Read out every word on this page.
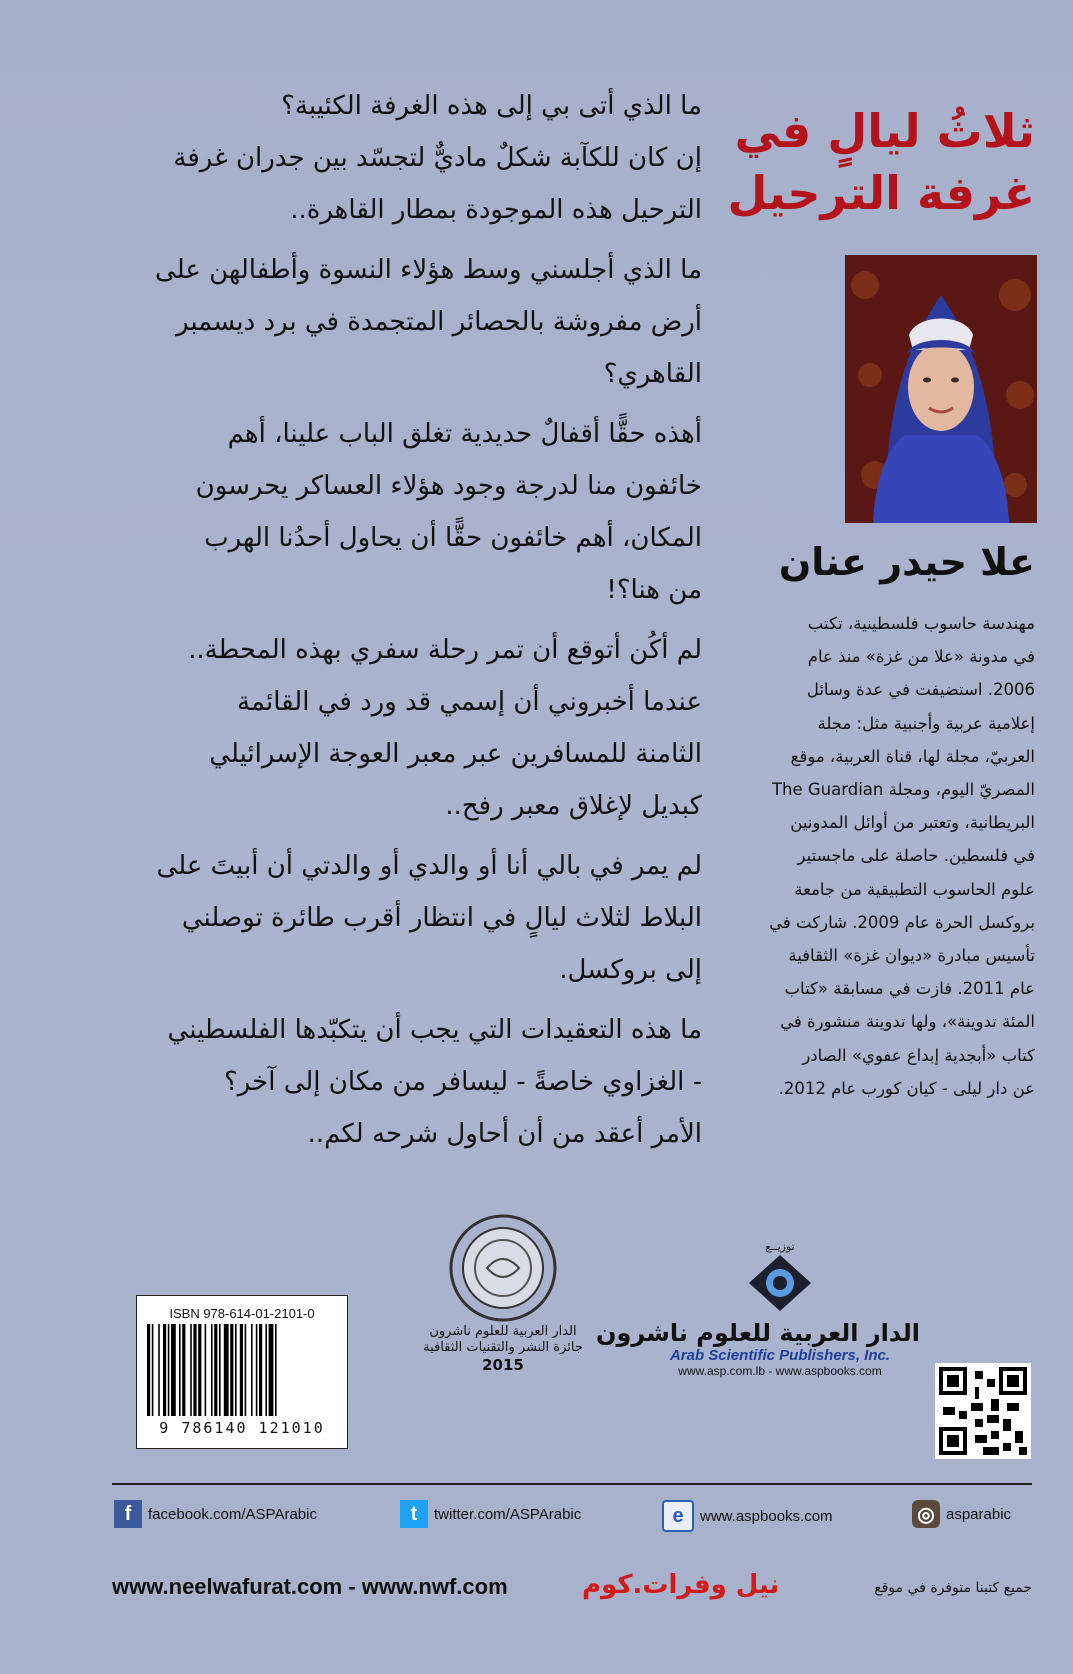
ثلاثُ ليالٍ في
غرفة الترحيل
علا حيدر عنان
مهندسة حاسوب فلسطينية، تكتب
في مدونة «علا من غزة» منذ عام
2006. استضيفت في عدة وسائل
إعلامية عربية وأجنبية مثل: مجلة
العربيّ، مجلة لها، قناة العربية، موقع
المصريّ اليوم، ومجلة The Guardian
البريطانية، وتعتبر من أوائل المدونين
في فلسطين. حاصلة على ماجستير
علوم الحاسوب التطبيقية من جامعة
بروكسل الحرة عام 2009. شاركت في
تأسيس مبادرة «ديوان غزة» الثقافية
عام 2011. فازت في مسابقة «كتاب
المئة تدوينة»، ولها تدوينة منشورة في
كتاب «أبجدية إبداع عفوي» الصادر
عن دار ليلى - كيان كورب عام 2012.

ما الذي أتى بي إلى هذه الغرفة الكئيبة؟
إن كان للكآبة شكلٌ ماديٌّ لتجسّد بين جدران غرفة
الترحيل هذه الموجودة بمطار القاهرة..

ما الذي أجلسني وسط هؤلاء النسوة وأطفالهن على
أرض مفروشة بالحصائر المتجمدة في برد ديسمبر
القاهري؟

أهذه حقًّا أقفالٌ حديدية تغلق الباب علينا، أهم
خائفون منا لدرجة وجود هؤلاء العساكر يحرسون
المكان، أهم خائفون حقًّا أن يحاول أحدُنا الهرب
من هنا؟!

لم أكُن أتوقع أن تمر رحلة سفري بهذه المحطة..
عندما أخبروني أن إسمي قد ورد في القائمة
الثامنة للمسافرين عبر معبر العوجة الإسرائيلي
كبديل لإغلاق معبر رفح..

لم يمر في بالي أنا أو والدي أو والدتي أن أبيتَ على
البلاط لثلاث ليالٍ في انتظار أقرب طائرة توصلني
إلى بروكسل.

ما هذه التعقيدات التي يجب أن يتكبّدها الفلسطيني
- الغزاوي خاصةً - ليسافر من مكان إلى آخر؟
الأمر أعقد من أن أحاول شرحه لكم..

ISBN 978-614-01-2101-0
9 786140 121010
الدار العربية للعلوم ناشرون
جائزة النشر والتقنيات الثقافية
2015
توزيــع
الدار العربية للعلوم ناشرون
Arab Scientific Publishers, Inc.
www.asp.com.lb - www.aspbooks.com
f	facebook.com/ASPArabic	t	twitter.com/ASPArabic	e	www.aspbooks.com	◎ asparabic
www.neelwafurat.com - www.nwf.com	نيل وفرات.كوم	جميع كتبنا متوفرة في موقع
